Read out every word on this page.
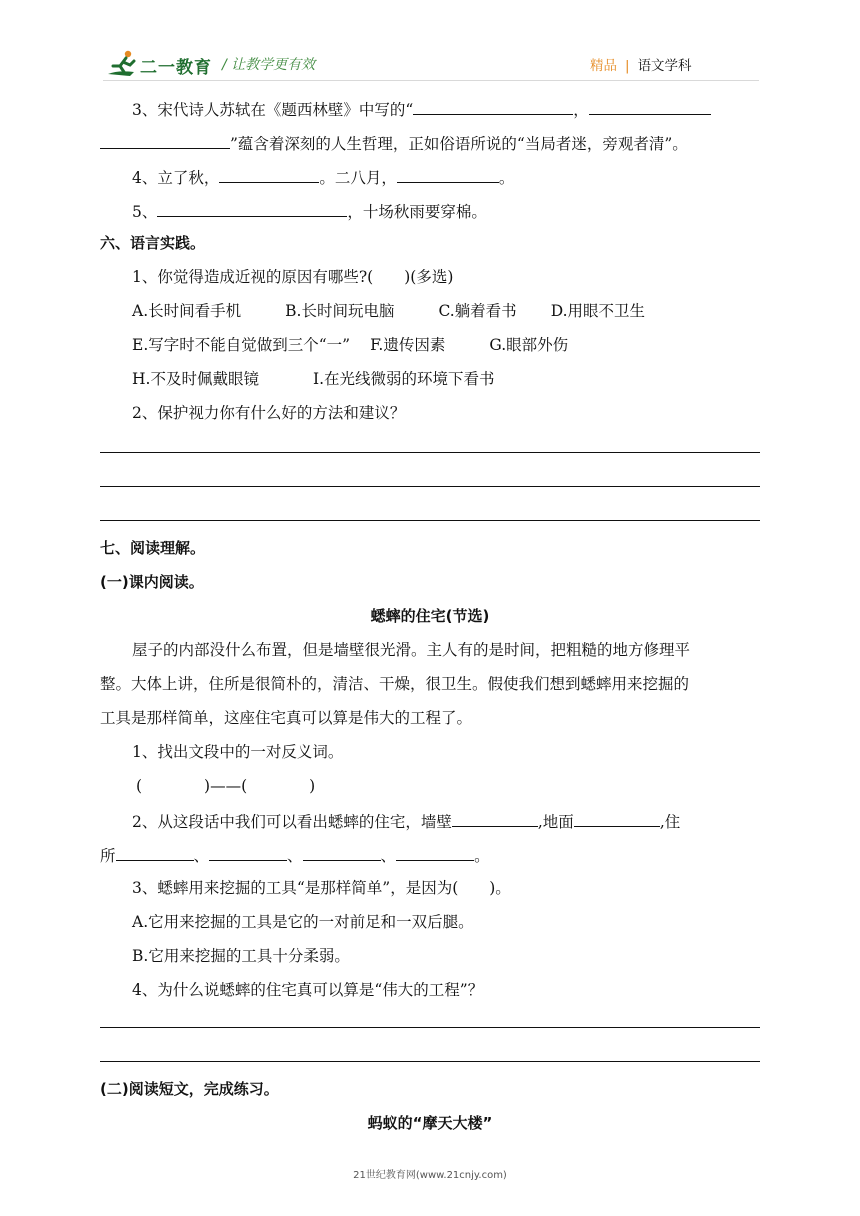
二一教育 / 让教学更有效	精品 | 语文学科
3、宋代诗人苏轼在《题西林壁》中写的“	，
”蕴含着深刻的人生哲理，正如俗语所说的“当局者迷，旁观者清”。
4、立了秋，	。二八月，	。
5、	，十场秋雨要穿棉。
六、语言实践。
1、你觉得造成近视的原因有哪些?(　　)(多选)
A.长时间看手机	B.长时间玩电脑	C.躺着看书 D.用眼不卫生
E.写字时不能自觉做到三个“一” F.遗传因素	G.眼部外伤
H.不及时佩戴眼镜	I.在光线微弱的环境下看书
2、保护视力你有什么好的方法和建议？
七、阅读理解。
(一)课内阅读。
蟋蟀的住宅(节选)
屋子的内部没什么布置，但是墙壁很光滑。主人有的是时间，把粗糙的地方修理平
整。大体上讲，住所是很简朴的，清洁、干燥，很卫生。假使我们想到蟋蟀用来挖掘的
工具是那样简单，这座住宅真可以算是伟大的工程了。
1、找出文段中的一对反义词。
(　　　　)——(　　　　)
2、从这段话中我们可以看出蟋蟀的住宅，墙壁	,地面	,住
所	、	、	、	。
3、蟋蟀用来挖掘的工具“是那样简单”，是因为(　　)。
A.它用来挖掘的工具是它的一对前足和一双后腿。
B.它用来挖掘的工具十分柔弱。
4、为什么说蟋蟀的住宅真可以算是“伟大的工程”？
(二)阅读短文，完成练习。
蚂蚁的“摩天大楼”
21世纪教育网(www.21cnjy.com)
